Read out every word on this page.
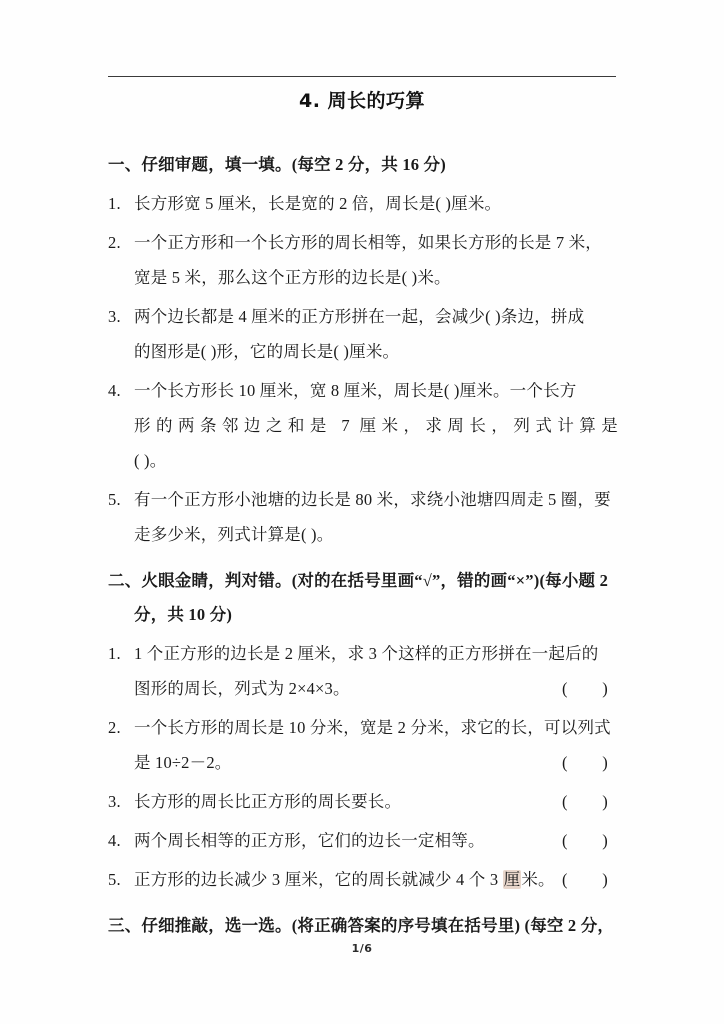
4. 周长的巧算
一、仔细审题，填一填。(每空 2 分，共 16 分)
1. 长方形宽 5 厘米，长是宽的 2 倍，周长是( )厘米。
2. 一个正方形和一个长方形的周长相等，如果长方形的长是 7 米，
宽是 5 米，那么这个正方形的边长是( )米。
3. 两个边长都是 4 厘米的正方形拼在一起，会减少( )条边，拼成
的图形是( )形，它的周长是( )厘米。
4. 一个长方形长 10 厘米，宽 8 厘米，周长是( )厘米。一个长方
形的两条邻边之和是 7 厘米，求周长，列式计算是
( )。
5. 有一个正方形小池塘的边长是 80 米，求绕小池塘四周走 5 圈，要
走多少米，列式计算是( )。
二、火眼金睛，判对错。(对的在括号里画“√”，错的画“×”)(每小题 2
分，共 10 分)
1. 1 个正方形的边长是 2 厘米，求 3 个这样的正方形拼在一起后的
图形的周长，列式为 2×4×3。	(        )
2. 一个长方形的周长是 10 分米，宽是 2 分米，求它的长，可以列式
是 10÷2－2。	(        )
3. 长方形的周长比正方形的周长要长。	(        )
4. 两个周长相等的正方形，它们的边长一定相等。	(        )
5. 正方形的边长减少 3 厘米，它的周长就减少 4 个 3 厘米。 (        )
三、仔细推敲，选一选。(将正确答案的序号填在括号里) (每空 2 分，
1/6
